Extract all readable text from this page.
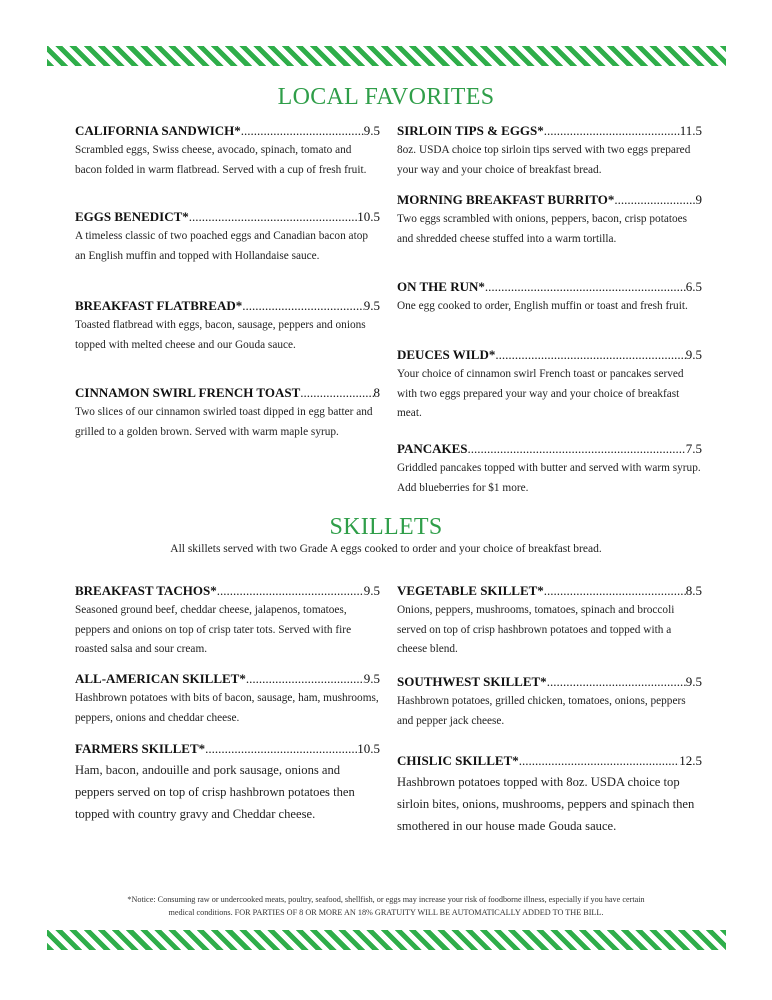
LOCAL FAVORITES
CALIFORNIA SANDWICH* .....	9.5
Scrambled eggs, Swiss cheese, avocado, spinach, tomato and bacon folded in warm flatbread. Served with a cup of fresh fruit.
EGGS BENEDICT* .....	10.5
A timeless classic of two poached eggs and Canadian bacon atop an English muffin and topped with Hollandaise sauce.
BREAKFAST FLATBREAD* .....	9.5
Toasted flatbread with eggs, bacon, sausage, peppers and onions topped with melted cheese and our Gouda sauce.
CINNAMON SWIRL FRENCH TOAST .....	8
Two slices of our cinnamon swirled toast dipped in egg batter and grilled to a golden brown. Served with warm maple syrup.
SIRLOIN TIPS & EGGS* .....	11.5
8oz. USDA choice top sirloin tips served with two eggs prepared your way and your choice of breakfast bread.
MORNING BREAKFAST BURRITO* .....	9
Two eggs scrambled with onions, peppers, bacon, crisp potatoes and shredded cheese stuffed into a warm tortilla.
ON THE RUN* .....	6.5
One egg cooked to order, English muffin or toast and fresh fruit.
DEUCES WILD* .....	9.5
Your choice of cinnamon swirl French toast or pancakes served with two eggs prepared your way and your choice of breakfast meat.
PANCAKES .....	7.5
Griddled pancakes topped with butter and served with warm syrup. Add blueberries for $1 more.
SKILLETS
All skillets served with two Grade A eggs cooked to order and your choice of breakfast bread.
BREAKFAST TACHOS* .....	9.5
Seasoned ground beef, cheddar cheese, jalapenos, tomatoes, peppers and onions on top of crisp tater tots. Served with fire roasted salsa and sour cream.
ALL-AMERICAN SKILLET* .....	9.5
Hashbrown potatoes with bits of bacon, sausage, ham, mushrooms, peppers, onions and cheddar cheese.
FARMERS SKILLET* .....	10.5
Ham, bacon, andouille and pork sausage, onions and peppers served on top of crisp hashbrown potatoes then topped with country gravy and Cheddar cheese.
VEGETABLE SKILLET* .....	8.5
Onions, peppers, mushrooms, tomatoes, spinach and broccoli served on top of crisp hashbrown potatoes and topped with a cheese blend.
SOUTHWEST SKILLET* .....	9.5
Hashbrown potatoes, grilled chicken, tomatoes, onions, peppers and pepper jack cheese.
CHISLIC SKILLET* .....	12.5
Hashbrown potatoes topped with 8oz. USDA choice top sirloin bites, onions, mushrooms, peppers and spinach then smothered in our house made Gouda sauce.
*Notice: Consuming raw or undercooked meats, poultry, seafood, shellfish, or eggs may increase your risk of foodborne illness, especially if you have certain
medical conditions. FOR PARTIES OF 8 OR MORE AN 18% GRATUITY WILL BE AUTOMATICALLY ADDED TO THE BILL.
